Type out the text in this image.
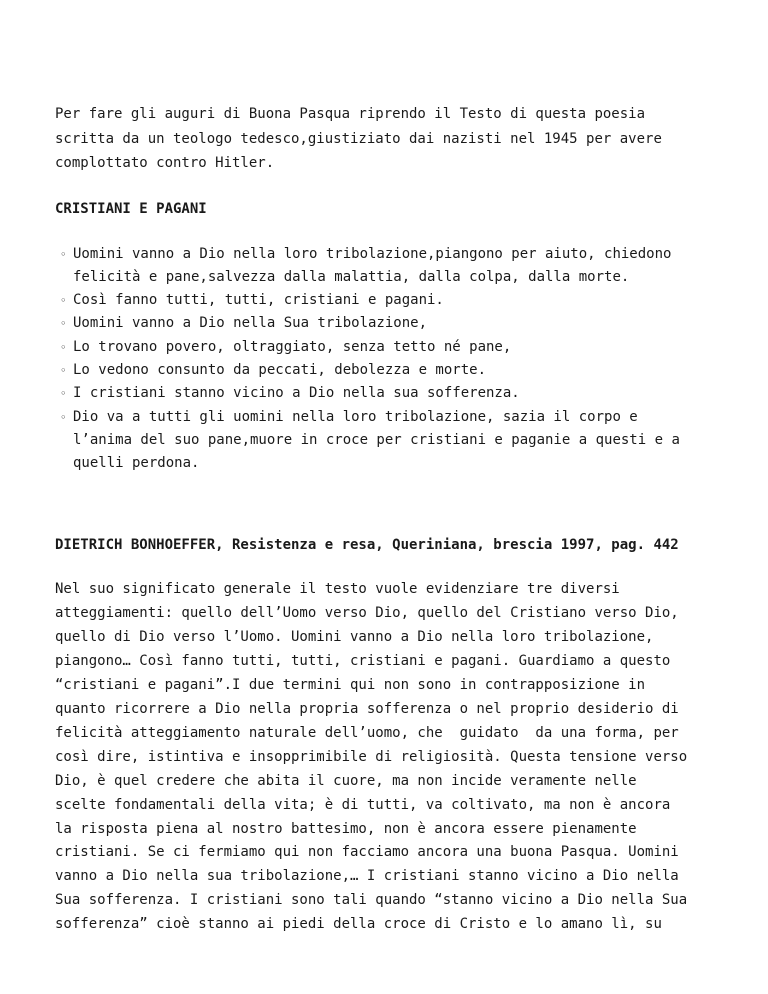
Per fare gli auguri di Buona Pasqua riprendo il Testo di questa poesia
scritta da un teologo tedesco,giustiziato dai nazisti nel 1945 per avere
complottato contro Hitler.

CRISTIANI E PAGANI

◦ Uomini vanno a Dio nella loro tribolazione,piangono per aiuto, chiedono
felicità e pane,salvezza dalla malattia, dalla colpa, dalla morte.
◦ Così fanno tutti, tutti, cristiani e pagani.
◦ Uomini vanno a Dio nella Sua tribolazione,
◦ Lo trovano povero, oltraggiato, senza tetto né pane,
◦ Lo vedono consunto da peccati, debolezza e morte.
◦ I cristiani stanno vicino a Dio nella sua sofferenza.
◦ Dio va a tutti gli uomini nella loro tribolazione, sazia il corpo e
l’anima del suo pane,muore in croce per cristiani e paganie a questi e a
quelli perdona.

DIETRICH BONHOEFFER, Resistenza e resa, Queriniana, brescia 1997, pag. 442

Nel suo significato generale il testo vuole evidenziare tre diversi
atteggiamenti: quello dell’Uomo verso Dio, quello del Cristiano verso Dio,
quello di Dio verso l’Uomo. Uomini vanno a Dio nella loro tribolazione,
piangono… Così fanno tutti, tutti, cristiani e pagani. Guardiamo a questo
“cristiani e pagani”.I due termini qui non sono in contrapposizione in
quanto ricorrere a Dio nella propria sofferenza o nel proprio desiderio di
felicità atteggiamento naturale dell’uomo, che  guidato  da una forma, per
così dire, istintiva e insopprimibile di religiosità. Questa tensione verso
Dio, è quel credere che abita il cuore, ma non incide veramente nelle
scelte fondamentali della vita; è di tutti, va coltivato, ma non è ancora
la risposta piena al nostro battesimo, non è ancora essere pienamente
cristiani. Se ci fermiamo qui non facciamo ancora una buona Pasqua. Uomini
vanno a Dio nella sua tribolazione,… I cristiani stanno vicino a Dio nella
Sua sofferenza. I cristiani sono tali quando “stanno vicino a Dio nella Sua
sofferenza” cioè stanno ai piedi della croce di Cristo e lo amano lì, su
